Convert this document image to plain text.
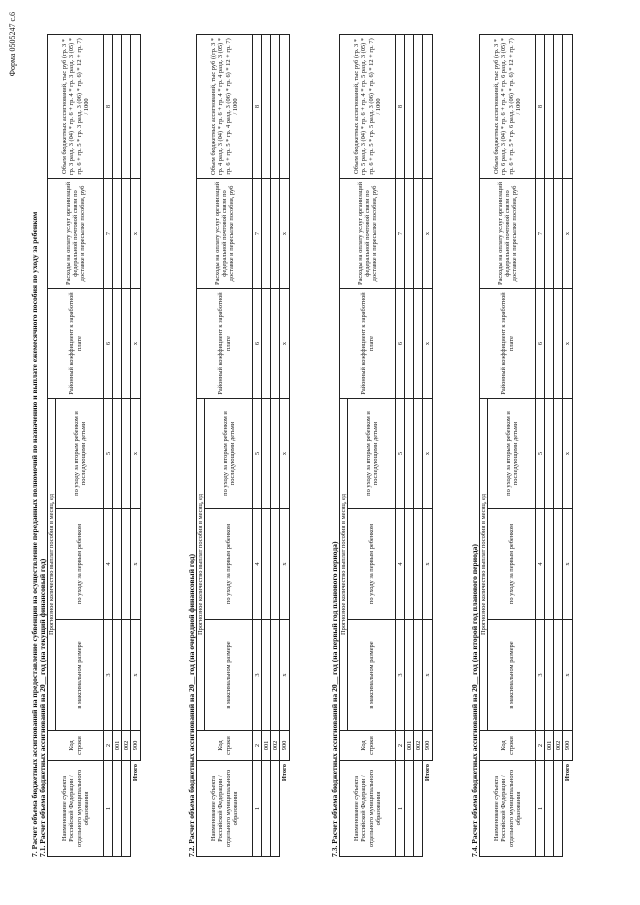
Форма 0505247 с.6
7. Расчет объема бюджетных ассигнований на предоставление субвенции на осуществление переданных полномочий по назначению и выплате ежемесячного пособия по уходу за ребенком 7.1. Расчет объема бюджетных ассигнований на 20__ год (на текущий финансовый год) Наименование субъекта Российской Федерации / отдельного муниципального образования	Код строки	Прогнозное количество выплат пособия в месяц, ед			Районный коэффициент к заработной плате	Расходы на оплату услуг организаций федеральной почтовой связи по доставке и пересылке пособия, руб	Объем бюджетных ассигнований, тыс руб (гр. 3 * гр. 3 разд. 3 (04) * гр. 6 + гр. 4 * гр. 3 разд. 3 (05) * гр. 6 + гр. 5 * гр. 3 разд. 3 (06) * гр. 6) * 12 + гр. 7) / 1000
		в максимальном размере	по уходу за первым ребенком	по уходу за вторым ребенком и последующими детьми			
1	2	3	4	5	6	7	8
	001						
	002						
Итого	900	x	x	x	x	x	
7.2. Расчет объема бюджетных ассигнований на 20__ год (на очередной финансовый год) Наименование субъекта Российской Федерации / отдельного муниципального образования	Код строки	Прогнозное количество выплат пособия в месяц, ед			Районный коэффициент к заработной плате	Расходы на оплату услуг организаций федеральной почтовой связи по доставке и пересылке пособия, руб	Объем бюджетных ассигнований, тыс руб ((гр. 3 * гр. 4 разд. 3 (04) * гр. 6 + гр. 4 * гр. 4 разд. 3 (05) * гр. 6 + гр. 5 * гр. 4 разд. 3 (06) * гр. 6) * 12 + гр. 7) / 1000
		в максимальном размере	по уходу за первым ребенком	по уходу за вторым ребенком и последующими детьми			
1	2	3	4	5	6	7	8
	001						
	002						
Итого	900	x	x	x	x	x	
7.3. Расчет объема бюджетных ассигнований на 20__ год (на первый год планового периода) Наименование субъекта Российской Федерации / отдельного муниципального образования	Код строки	Прогнозное количество выплат пособия в месяц, ед			Районный коэффициент к заработной плате	Расходы на оплату услуг организаций федеральной почтовой связи по доставке и пересылке пособия, руб	Объем бюджетных ассигнований, тыс руб (гр. 3 * гр. 5 разд. 3 (04) * гр. 6 + гр. 4 * гр. 5 разд. 3 (05) * гр. 6 + гр. 5 * гр. 5 разд. 3 (06) * гр. 6) * 12 + гр. 7) / 1000
		в максимальном размере	по уходу за первым ребенком	по уходу за вторым ребенком и последующими детьми			
1	2	3	4	5	6	7	8
	001						
	002						
Итого	900	x	x	x	x	x	
7.4. Расчет объема бюджетных ассигнований на 20__ год (на второй год планового периода) Наименование субъекта Российской Федерации / отдельного муниципального образования	Код строки	Прогнозное количество выплат пособия в месяц, ед			Районный коэффициент к заработной плате	Расходы на оплату услуг организаций федеральной почтовой связи по доставке и пересылке пособия, руб	Объем бюджетных ассигнований, тыс руб (гр. 3 * гр. 6 разд. 3 (04) * гр. 6 + гр. 4 * гр. 6 разд. 3 (05) * гр. 6 + гр. 5 * гр. 6 разд. 3 (06) * гр. 6) * 12 + гр. 7) / 1000
		в максимальном размере	по уходу за первым ребенком	по уходу за вторым ребенком и последующими детьми			
1	2	3	4	5	6	7	8
	001						
	002						
Итого	900	x	x	x	x	x	
